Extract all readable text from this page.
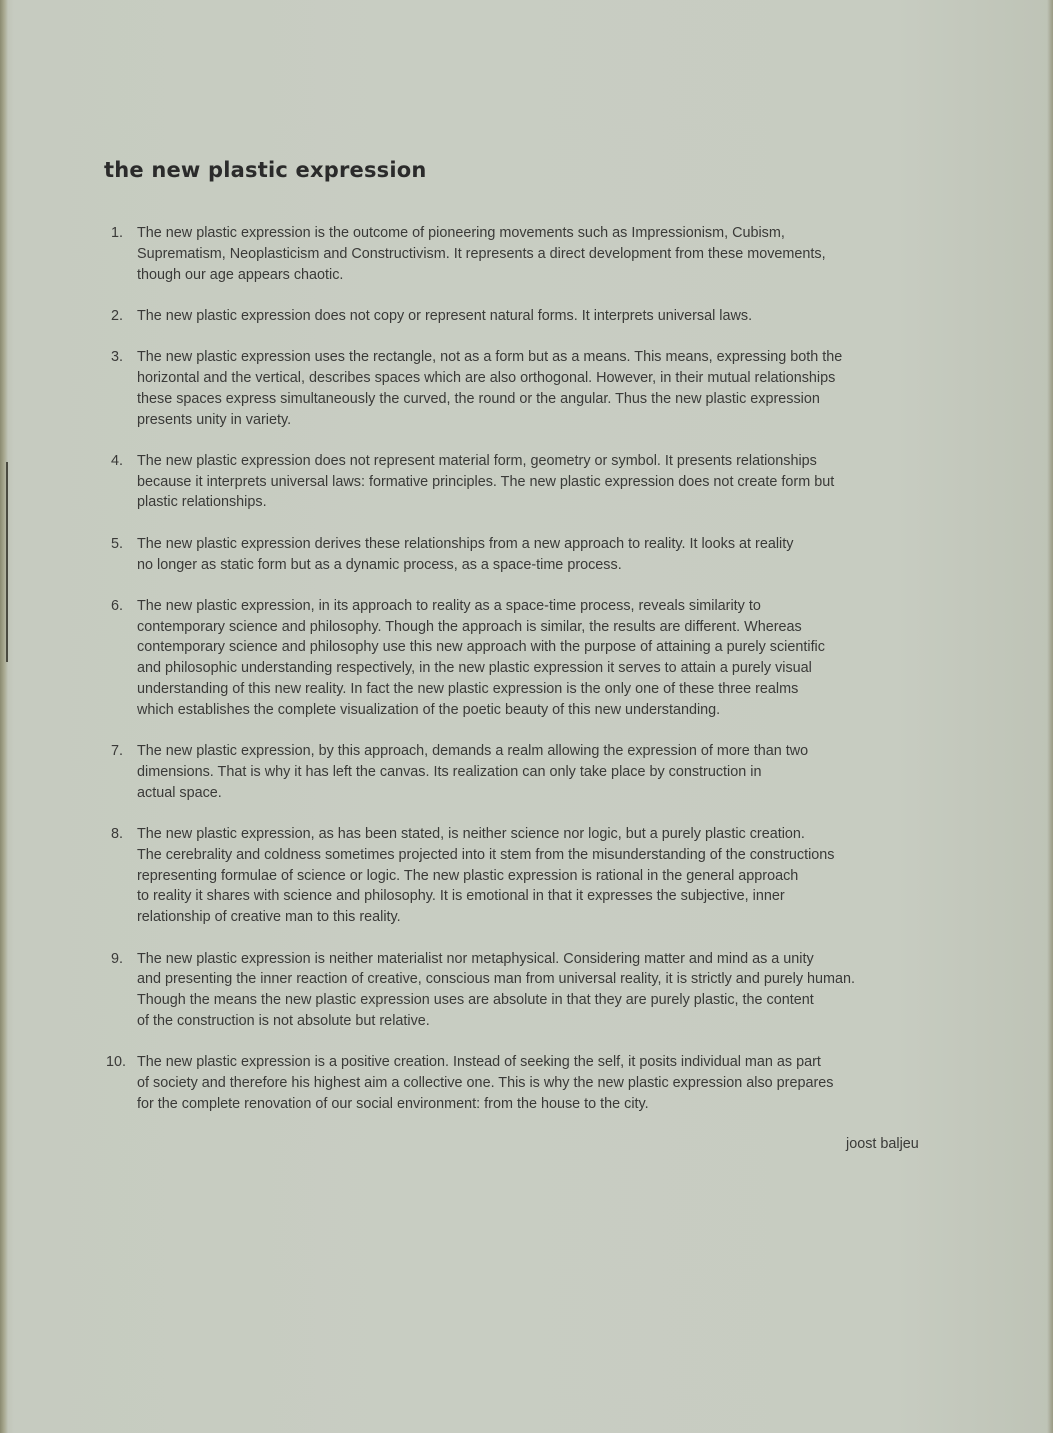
the new plastic expression
1. The new plastic expression is the outcome of pioneering movements such as Impressionism, Cubism,
Suprematism, Neoplasticism and Constructivism. It represents a direct development from these movements,
though our age appears chaotic.
2. The new plastic expression does not copy or represent natural forms. It interprets universal laws.
3. The new plastic expression uses the rectangle, not as a form but as a means. This means, expressing both the
horizontal and the vertical, describes spaces which are also orthogonal. However, in their mutual relationships
these spaces express simultaneously the curved, the round or the angular. Thus the new plastic expression
presents unity in variety.
4. The new plastic expression does not represent material form, geometry or symbol. It presents relationships
because it interprets universal laws: formative principles. The new plastic expression does not create form but
plastic relationships.
5. The new plastic expression derives these relationships from a new approach to reality. It looks at reality
no longer as static form but as a dynamic process, as a space-time process.
6. The new plastic expression, in its approach to reality as a space-time process, reveals similarity to
contemporary science and philosophy. Though the approach is similar, the results are different. Whereas
contemporary science and philosophy use this new approach with the purpose of attaining a purely scientific
and philosophic understanding respectively, in the new plastic expression it serves to attain a purely visual
understanding of this new reality. In fact the new plastic expression is the only one of these three realms
which establishes the complete visualization of the poetic beauty of this new understanding.
7. The new plastic expression, by this approach, demands a realm allowing the expression of more than two
dimensions. That is why it has left the canvas. Its realization can only take place by construction in
actual space.
8. The new plastic expression, as has been stated, is neither science nor logic, but a purely plastic creation.
The cerebrality and coldness sometimes projected into it stem from the misunderstanding of the constructions
representing formulae of science or logic. The new plastic expression is rational in the general approach
to reality it shares with science and philosophy. It is emotional in that it expresses the subjective, inner
relationship of creative man to this reality.
9. The new plastic expression is neither materialist nor metaphysical. Considering matter and mind as a unity
and presenting the inner reaction of creative, conscious man from universal reality, it is strictly and purely human.
Though the means the new plastic expression uses are absolute in that they are purely plastic, the content
of the construction is not absolute but relative.
10. The new plastic expression is a positive creation. Instead of seeking the self, it posits individual man as part
of society and therefore his highest aim a collective one. This is why the new plastic expression also prepares
for the complete renovation of our social environment: from the house to the city.
joost baljeu
